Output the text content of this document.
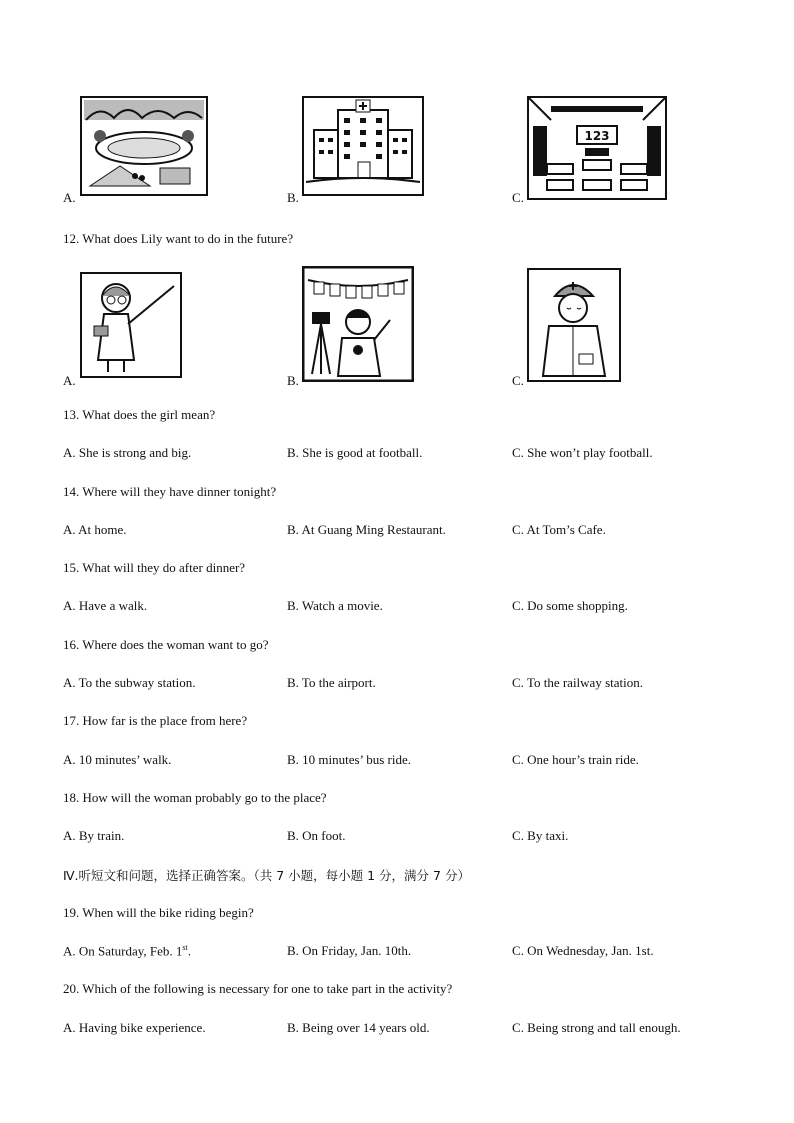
123
A.	B.	C.
12. What does Lily want to do in the future?
A.	B.	C.
13. What does the girl mean?
A. She is strong and big.	B. She is good at football.	C. She won’t play football.
14. Where will they have dinner tonight?
A. At home.	B. At Guang Ming Restaurant.	C. At Tom’s Cafe.
15. What will they do after dinner?
A. Have a walk.	B. Watch a movie.	C. Do some shopping.
16. Where does the woman want to go?
A. To the subway station.	B. To the airport.	C. To the railway station.
17. How far is the place from here?
A. 10 minutes’ walk.	B. 10 minutes’ bus ride.	C. One hour’s train ride.
18. How will the woman probably go to the place?
A. By train.	B. On foot.	C. By taxi.
Ⅳ.听短文和问题，选择正确答案。（共 7 小题，每小题 1 分，满分 7 分）
19. When will the bike riding begin?
A. On Saturday, Feb. 1st.	B. On Friday, Jan. 10th.	C. On Wednesday, Jan. 1st.
20. Which of the following is necessary for one to take part in the activity?
A. Having bike experience.	B. Being over 14 years old.	C. Being strong and tall enough.
